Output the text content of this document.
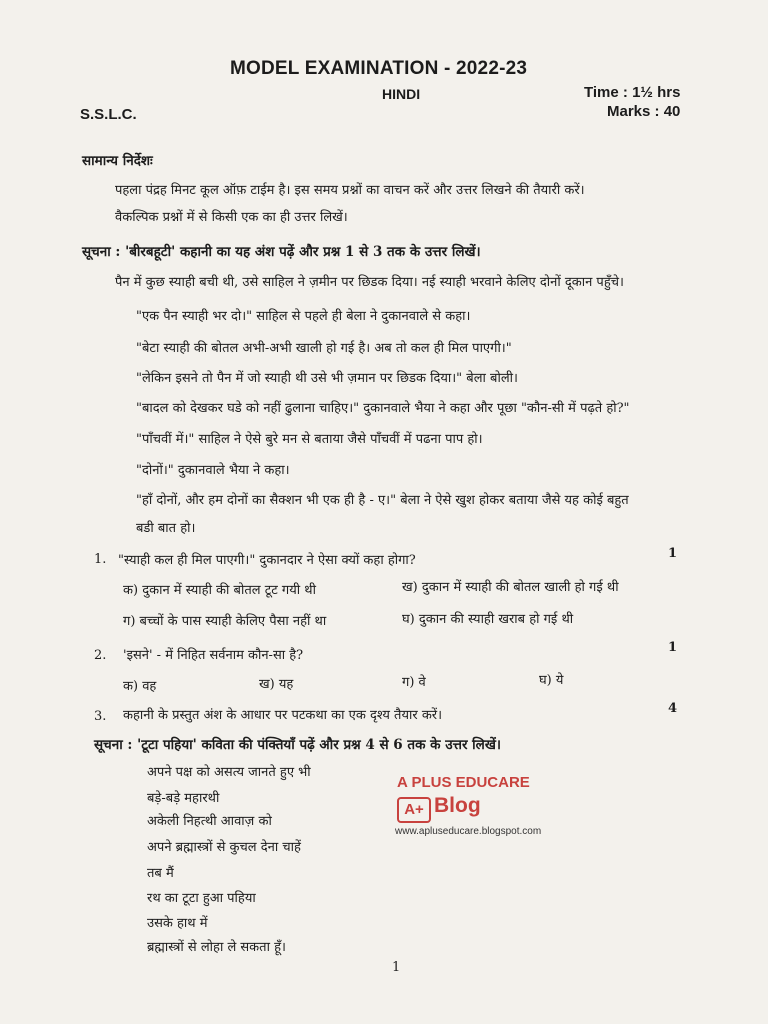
MODEL EXAMINATION - 2022-23
HINDI	Time : 1½ hrs
Marks : 40
S.S.L.C.
सामान्य निर्देशः
पहला पंद्रह मिनट कूल ऑफ़ टाईम है। इस समय प्रश्नों का वाचन करें और उत्तर लिखने की तैयारी करें।
वैकल्पिक प्रश्नों में से किसी एक का ही उत्तर लिखें।
सूचना : 'बीरबहूटी' कहानी का यह अंश पढ़ें और प्रश्न 1 से 3 तक के उत्तर लिखें।
पैन में कुछ स्याही बची थी, उसे साहिल ने ज़मीन पर छिडक दिया। नई स्याही भरवाने केलिए दोनों दूकान पहुँचे।
"एक पैन स्याही भर दो।" साहिल से पहले ही बेला ने दुकानवाले से कहा।
"बेटा स्याही की बोतल अभी-अभी खाली हो गई है। अब तो कल ही मिल पाएगी।"
"लेकिन इसने तो पैन में जो स्याही थी उसे भी ज़मान पर छिडक दिया।" बेला बोली।
"बादल को देखकर घडे को नहीं ढुलाना चाहिए।" दुकानवाले भैया ने कहा और पूछा "कौन-सी में पढ़ते हो?"
"पाँचवीं में।" साहिल ने ऐसे बुरे मन से बताया जैसे पाँचवीं में पढना पाप हो।
"दोनों।" दुकानवाले भैया ने कहा।
"हाँ दोनों, और हम दोनों का सैक्शन भी एक ही है - ए।" बेला ने ऐसे खुश होकर बताया जैसे यह कोई बहुत
बडी बात हो।
1. "स्याही कल ही मिल पाएगी।" दुकानदार ने ऐसा क्यों कहा होगा?	1
क) दुकान में स्याही की बोतल टूट गयी थी	ख) दुकान में स्याही की बोतल खाली हो गई थी
ग) बच्चों के पास स्याही केलिए पैसा नहीं था	घ) दुकान की स्याही खराब हो गई थी
2. 'इसने' - में निहित सर्वनाम कौन-सा है?
1
क) वह	ख) यह	ग) वे	घ) ये
3. कहानी के प्रस्तुत अंश के आधार पर पटकथा का एक दृश्य तैयार करें।	4
सूचना : 'टूटा पहिया' कविता की पंक्तियाँ पढ़ें और प्रश्न 4 से 6 तक के उत्तर लिखें।
अपने पक्ष को असत्य जानते हुए भी
बड़े-बड़े महारथी
अकेली निहत्थी आवाज़ को
अपने ब्रह्मास्त्रों से कुचल देना चाहें
तब मैं
रथ का टूटा हुआ पहिया
उसके हाथ में
ब्रह्मास्त्रों से लोहा ले सकता हूँ।
A PLUS EDUCARE
A+ Blog
www.apluseducare.blogspot.com
1
